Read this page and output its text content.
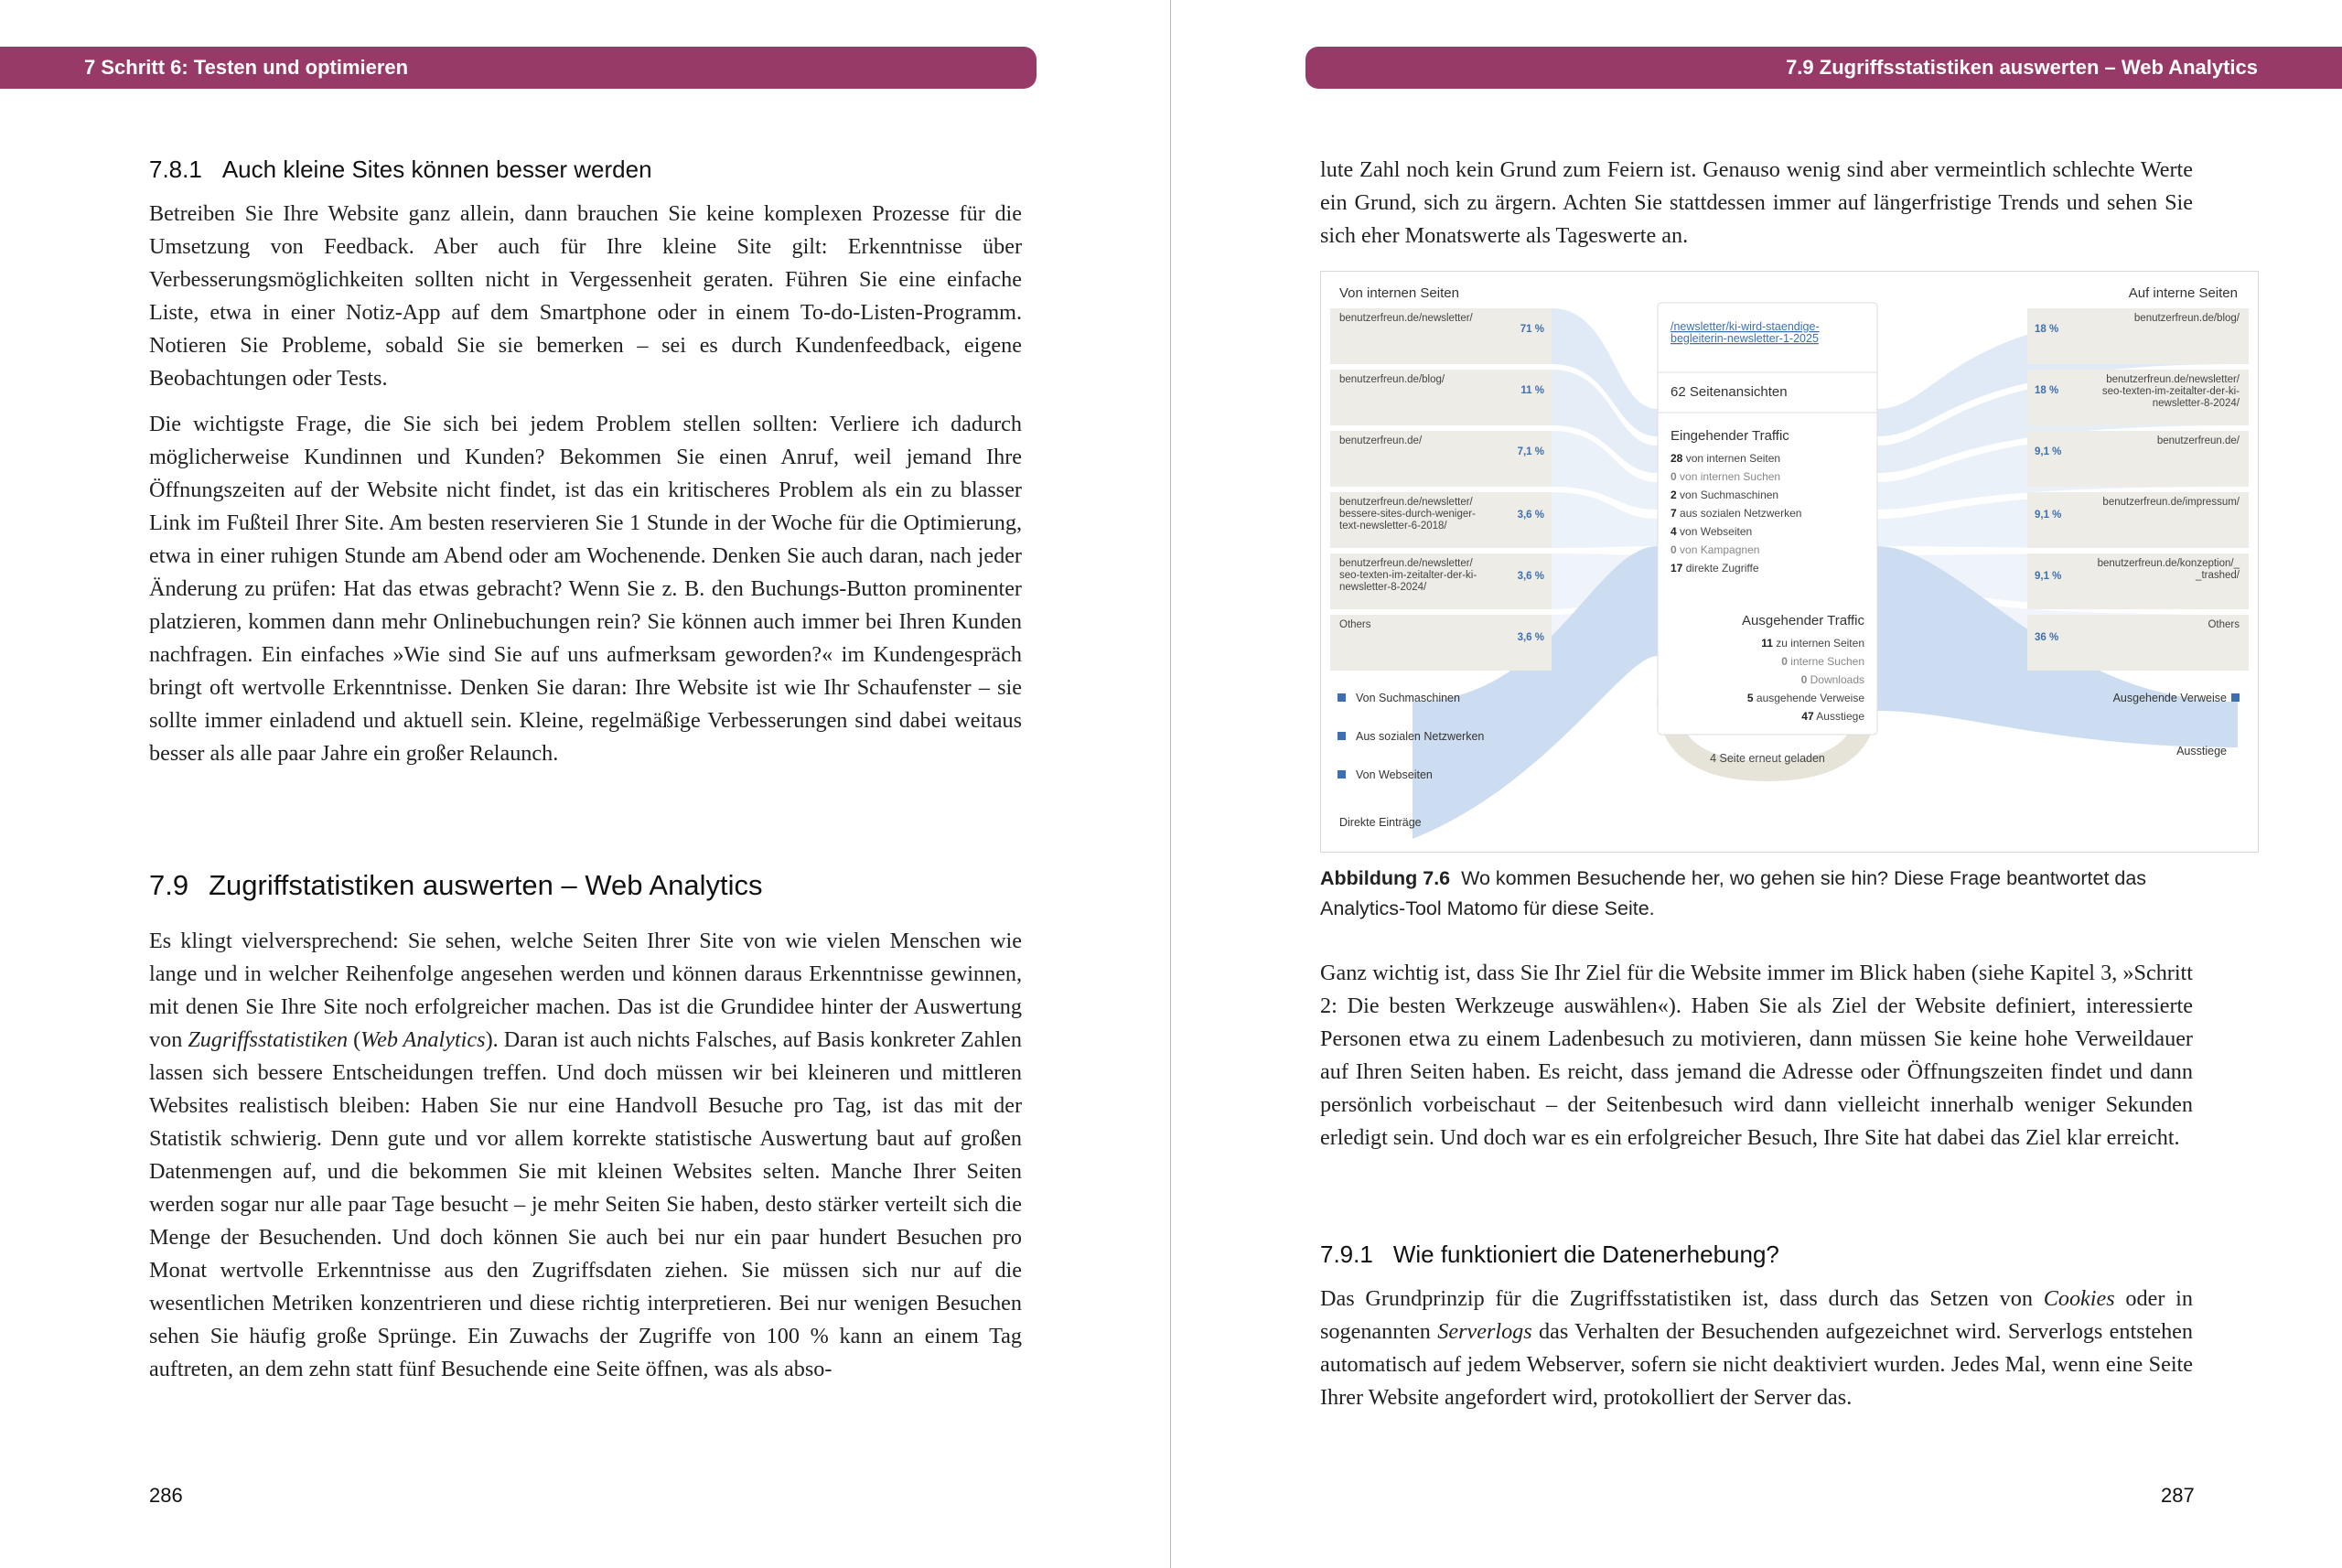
7 Schritt 6: Testen und optimieren
7.8.1 Auch kleine Sites können besser werden

Betreiben Sie Ihre Website ganz allein, dann brauchen Sie keine komplexen Prozesse für die Umsetzung von Feedback. Aber auch für Ihre kleine Site gilt: Erkenntnisse über Verbesserungsmöglichkeiten sollten nicht in Vergessenheit geraten. Führen Sie eine einfache Liste, etwa in einer Notiz-App auf dem Smartphone oder in einem To-do-Listen-Programm. Notieren Sie Probleme, sobald Sie sie bemerken – sei es durch Kundenfeedback, eigene Beobachtungen oder Tests.

Die wichtigste Frage, die Sie sich bei jedem Problem stellen sollten: Verliere ich dadurch möglicherweise Kundinnen und Kunden? Bekommen Sie einen Anruf, weil jemand Ihre Öffnungszeiten auf der Website nicht findet, ist das ein kritischeres Problem als ein zu blasser Link im Fußteil Ihrer Site. Am besten reservieren Sie 1 Stunde in der Woche für die Optimierung, etwa in einer ruhigen Stunde am Abend oder am Wochenende. Denken Sie auch daran, nach jeder Änderung zu prüfen: Hat das etwas gebracht? Wenn Sie z. B. den Buchungs-Button prominenter platzieren, kommen dann mehr Onlinebuchungen rein? Sie können auch immer bei Ihren Kunden nachfragen. Ein einfaches »Wie sind Sie auf uns aufmerksam geworden?« im Kundengespräch bringt oft wertvolle Erkenntnisse. Denken Sie daran: Ihre Website ist wie Ihr Schaufenster – sie sollte immer einladend und aktuell sein. Kleine, regelmäßige Verbesserungen sind dabei weitaus besser als alle paar Jahre ein großer Relaunch.

7.9 Zugriffstatistiken auswerten – Web Analytics

Es klingt vielversprechend: Sie sehen, welche Seiten Ihrer Site von wie vielen Menschen wie lange und in welcher Reihenfolge angesehen werden und können daraus Erkenntnisse gewinnen, mit denen Sie Ihre Site noch erfolgreicher machen. Das ist die Grundidee hinter der Auswertung von Zugriffsstatistiken (Web Analytics). Daran ist auch nichts Falsches, auf Basis konkreter Zahlen lassen sich bessere Entscheidungen treffen. Und doch müssen wir bei kleineren und mittleren Websites realistisch bleiben: Haben Sie nur eine Handvoll Besuche pro Tag, ist das mit der Statistik schwierig. Denn gute und vor allem korrekte statistische Auswertung baut auf großen Datenmengen auf, und die bekommen Sie mit kleinen Websites selten. Manche Ihrer Seiten werden sogar nur alle paar Tage besucht – je mehr Seiten Sie haben, desto stärker verteilt sich die Menge der Besuchenden. Und doch können Sie auch bei nur ein paar hundert Besuchen pro Monat wertvolle Erkenntnisse aus den Zugriffsdaten ziehen. Sie müssen sich nur auf die wesentlichen Metriken konzentrieren und diese richtig interpretieren. Bei nur wenigen Besuchen sehen Sie häufig große Sprünge. Ein Zuwachs der Zugriffe von 100 % kann an einem Tag auftreten, an dem zehn statt fünf Besuchende eine Seite öffnen, was als abso-

286
7.9 Zugriffsstatistiken auswerten – Web Analytics

lute Zahl noch kein Grund zum Feiern ist. Genauso wenig sind aber vermeintlich schlechte Werte ein Grund, sich zu ärgern. Achten Sie stattdessen immer auf längerfristige Trends und sehen Sie sich eher Monatswerte als Tageswerte an.

Von internen Seiten	Auf interne Seiten
benutzerfreun.de/newsletter/
71 %
benutzerfreun.de/blog/
11 %
benutzerfreun.de/
7,1 %
benutzerfreun.de/newsletter/ bessere-sites-durch-weniger-text-newsletter-6-2018/
3,6 %
benutzerfreun.de/newsletter/ seo-texten-im-zeitalter-der-ki-newsletter-8-2024/
3,6 %
Others
3,6 %
Von Suchmaschinen
Aus sozialen Netzwerken
Von Webseiten
Direkte Einträge
benutzerfreun.de/blog/
18 %
benutzerfreun.de/newsletter/ seo-texten-im-zeitalter-der-ki-newsletter-8-2024/
18 %
benutzerfreun.de/
9,1 %
benutzerfreun.de/impressum/
9,1 %
benutzerfreun.de/konzeption/_ _trashed/
9,1 %
Others
36 %
Ausgehende Verweise
Ausstiege
/newsletter/ki-wird-staendige-begleiterin-newsletter-1-2025
62 Seitenansichten
Eingehender Traffic
28 von internen Seiten
0 von internen Suchen
2 von Suchmaschinen
7 aus sozialen Netzwerken
4 von Webseiten
0 von Kampagnen
17 direkte Zugriffe
Ausgehender Traffic
11 zu internen Seiten
0 interne Suchen
0 Downloads
5 ausgehende Verweise
47 Ausstiege
4 Seite erneut geladen
Abbildung 7.6 Wo kommen Besuchende her, wo gehen sie hin? Diese Frage beantwortet das Analytics-Tool Matomo für diese Seite.

Ganz wichtig ist, dass Sie Ihr Ziel für die Website immer im Blick haben (siehe Kapitel 3, »Schritt 2: Die besten Werkzeuge auswählen«). Haben Sie als Ziel der Website definiert, interessierte Personen etwa zu einem Ladenbesuch zu motivieren, dann müssen Sie keine hohe Verweildauer auf Ihren Seiten haben. Es reicht, dass jemand die Adresse oder Öffnungszeiten findet und dann persönlich vorbeischaut – der Seitenbesuch wird dann vielleicht innerhalb weniger Sekunden erledigt sein. Und doch war es ein erfolgreicher Besuch, Ihre Site hat dabei das Ziel klar erreicht.

7.9.1 Wie funktioniert die Datenerhebung?

Das Grundprinzip für die Zugriffsstatistiken ist, dass durch das Setzen von Cookies oder in sogenannten Serverlogs das Verhalten der Besuchenden aufgezeichnet wird. Serverlogs entstehen automatisch auf jedem Webserver, sofern sie nicht deaktiviert wurden. Jedes Mal, wenn eine Seite Ihrer Website angefordert wird, protokolliert der Server das.

287
